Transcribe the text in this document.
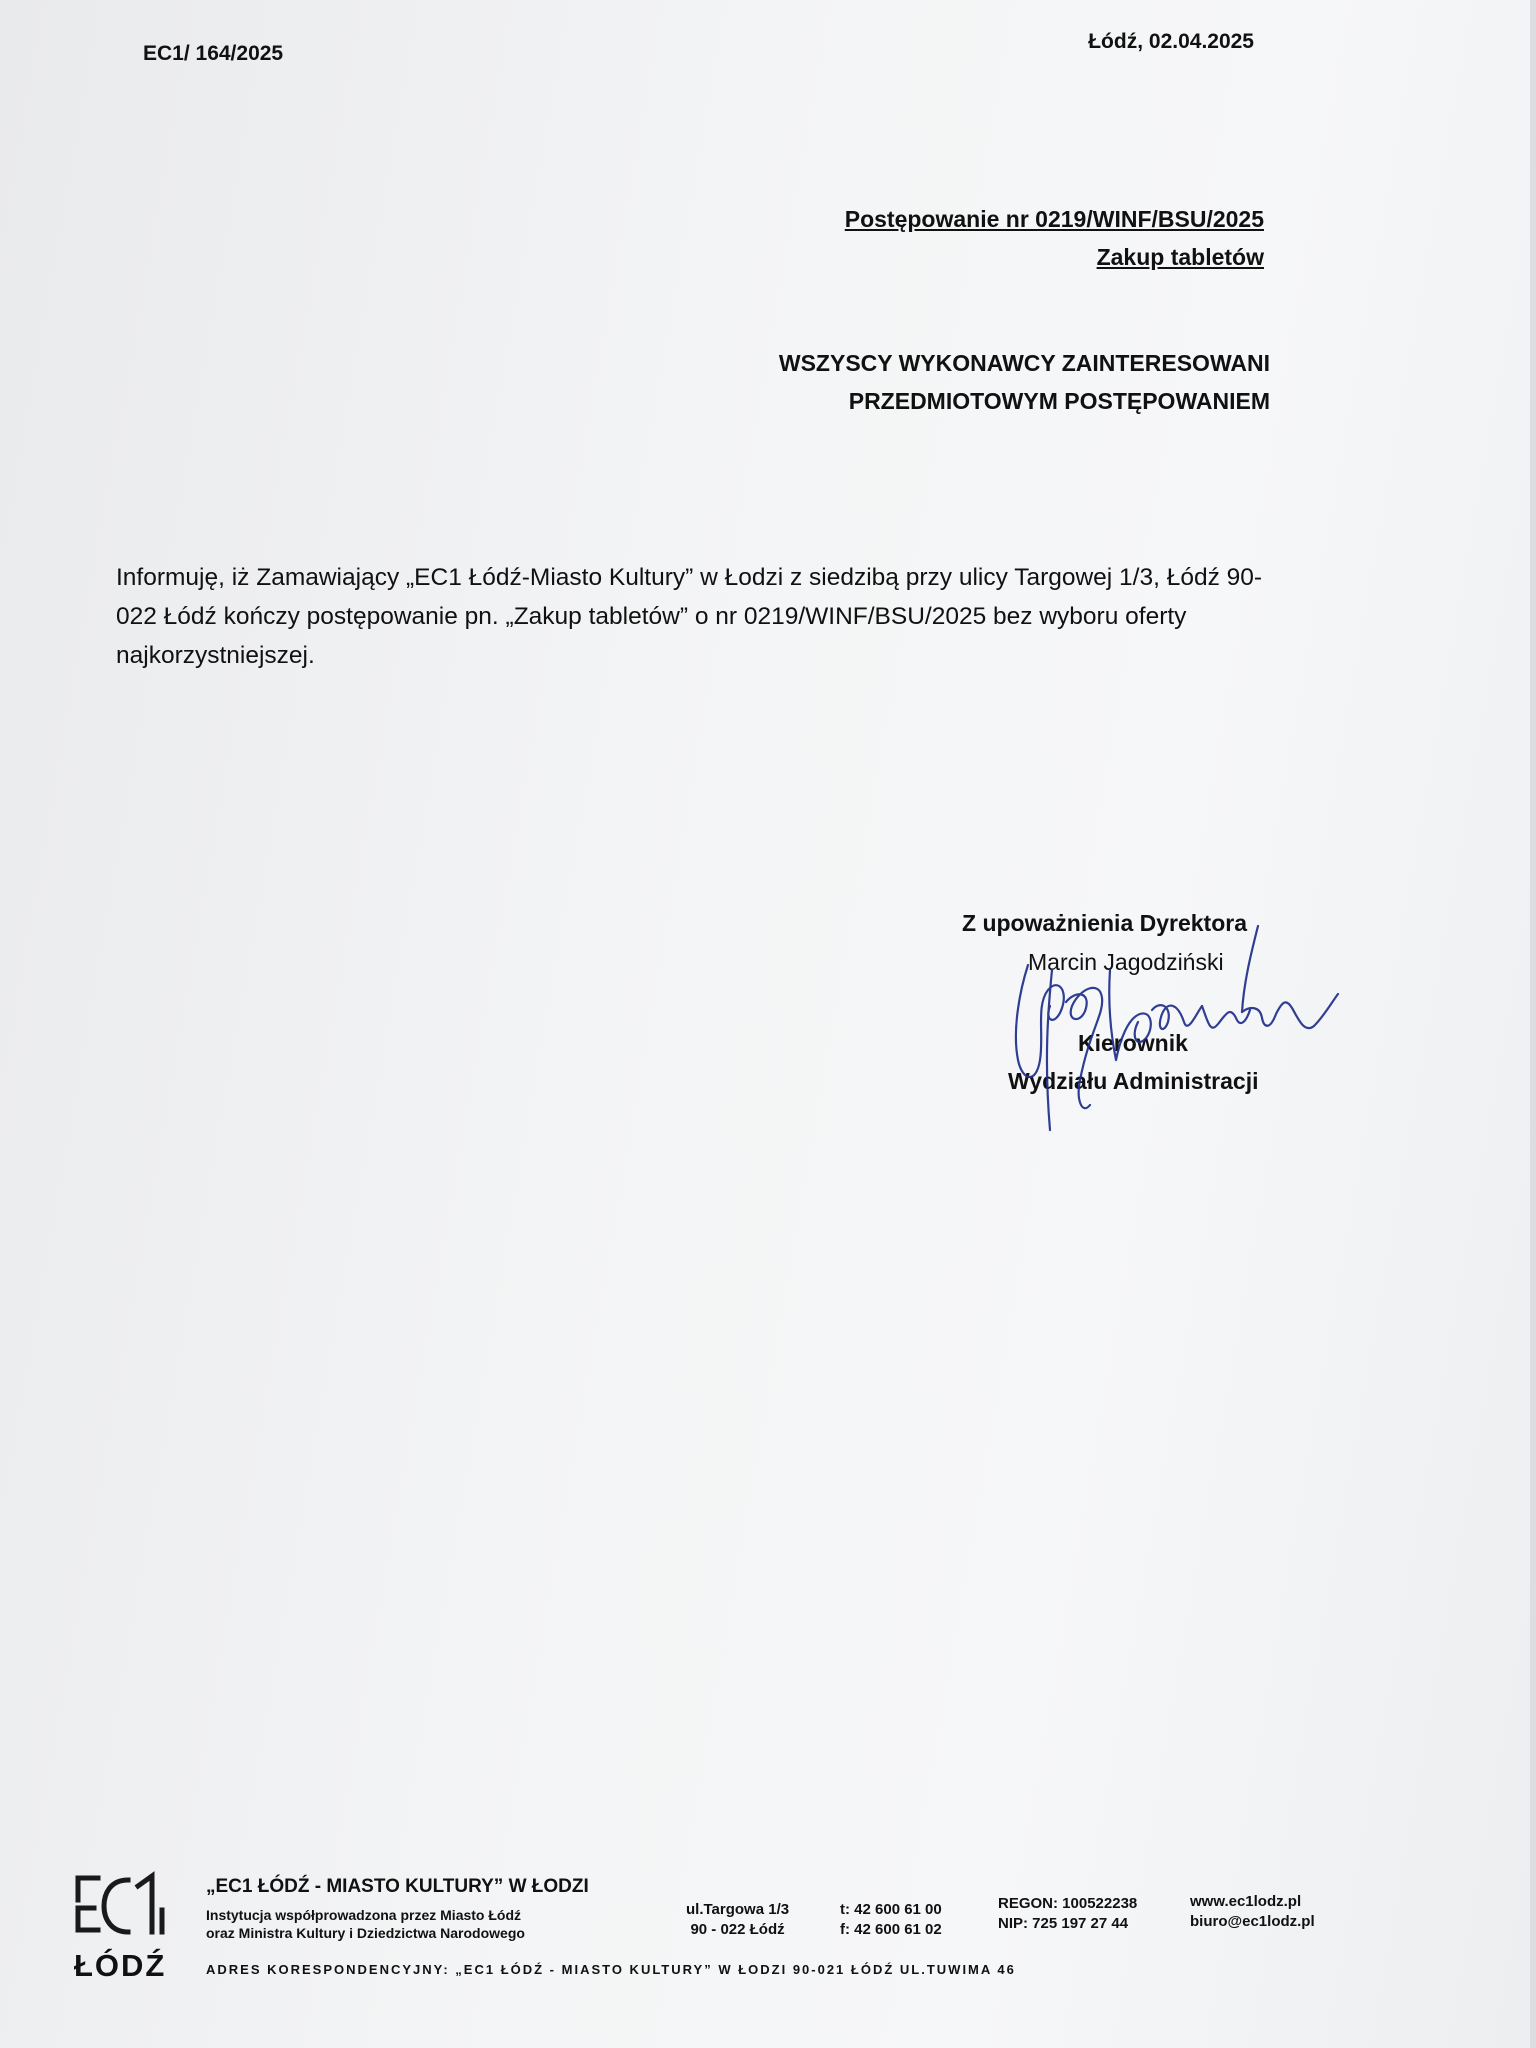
EC1/ 164/2025
Łódź, 02.04.2025
Postępowanie nr 0219/WINF/BSU/2025
Zakup tabletów
WSZYSCY WYKONAWCY ZAINTERESOWANI
PRZEDMIOTOWYM POSTĘPOWANIEM
Informuję, iż Zamawiający „EC1 Łódź-Miasto Kultury” w Łodzi z siedzibą przy ulicy Targowej 1/3, Łódź 90-022 Łódź kończy postępowanie pn. „Zakup tabletów” o nr 0219/WINF/BSU/2025 bez wyboru oferty najkorzystniejszej.
Z upoważnienia Dyrektora
Marcin Jagodziński
Kierownik
Wydziału Administracji
ŁÓDŹ
„EC1 ŁÓDŹ - MIASTO KULTURY” W ŁODZI
Instytucja współprowadzona przez Miasto Łódź
oraz Ministra Kultury i Dziedzictwa Narodowego
ul.Targowa 1/3
90 - 022 Łódź
t: 42 600 61 00
f: 42 600 61 02
REGON: 100522238
NIP: 725 197 27 44
www.ec1lodz.pl
biuro@ec1lodz.pl
ADRES KORESPONDENCYJNY: „EC1 ŁÓDŹ - MIASTO KULTURY” W ŁODZI 90-021 ŁÓDŹ UL.TUWIMA 46
